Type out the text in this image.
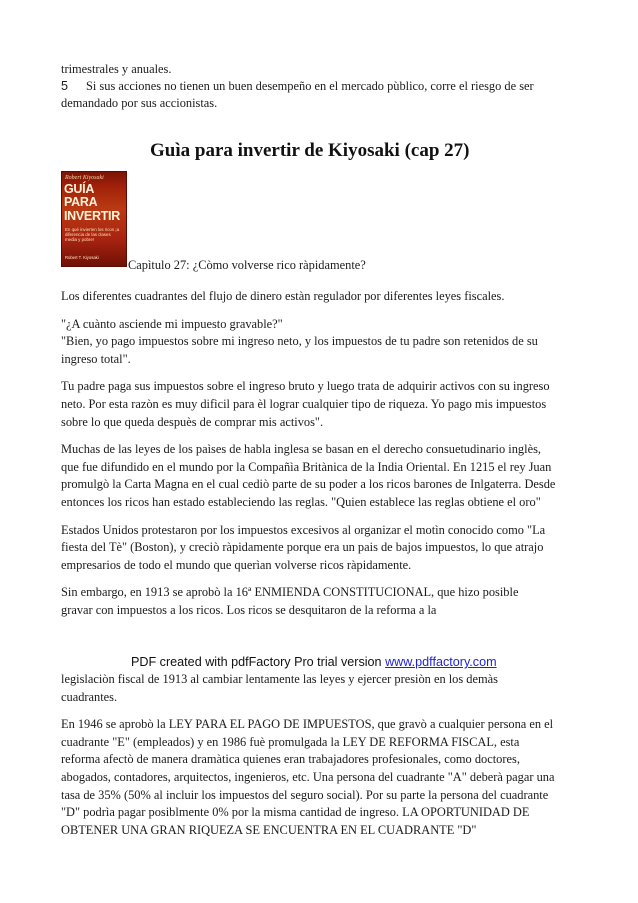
trimestrales y anuales.
5 Si sus acciones no tienen un buen desempeño en el mercado pùblico, corre el riesgo de ser
demandado por sus accionistas.
Guìa para invertir de Kiyosaki (cap 27)
Robert Kiyosaki
GUÍA PARA
INVERTIR
En qué invierten los ricos ¡a diferencia de las clases media y pobre!
Robert T. Kiyosaki
Capìtulo 27: ¿Còmo volverse rico ràpidamente?
Los diferentes cuadrantes del flujo de dinero estàn regulador por diferentes leyes fiscales.
"¿A cuànto asciende mi impuesto gravable?"
"Bien, yo pago impuestos sobre mi ingreso neto, y los impuestos de tu padre son retenidos de su
ingreso total".
Tu padre paga sus impuestos sobre el ingreso bruto y luego trata de adquirir activos con su ingreso
neto. Por esta razòn es muy difìcil para èl lograr cualquier tipo de riqueza. Yo pago mis impuestos
sobre lo que queda despuès de comprar mis activos".
Muchas de las leyes de los paìses de habla inglesa se basan en el derecho consuetudinario inglès,
que fue difundido en el mundo por la Compañìa Britànica de la India Oriental. En 1215 el rey Juan
promulgò la Carta Magna en el cual cediò parte de su poder a los ricos barones de Inlgaterra. Desde
entonces los ricos han estado estableciendo las reglas. "Quien establece las reglas obtiene el oro"
Estados Unidos protestaron por los impuestos excesivos al organizar el motìn conocido como "La
fiesta del Tè" (Boston), y creciò ràpidamente porque era un pais de bajos impuestos, lo que atrajo
empresarios de todo el mundo que querìan volverse ricos ràpidamente.
Sin embargo, en 1913 se aprobò la 16ª ENMIENDA CONSTITUCIONAL, que hizo posible
gravar con impuestos a los ricos. Los ricos se desquitaron de la reforma a la
PDF created with pdfFactory Pro trial version www.pdffactory.com
legislaciòn fiscal de 1913 al cambiar lentamente las leyes y ejercer presiòn en los demàs
cuadrantes.
En 1946 se aprobò la LEY PARA EL PAGO DE IMPUESTOS, que gravò a cualquier persona en el
cuadrante "E" (empleados) y en 1986 fuè promulgada la LEY DE REFORMA FISCAL, esta
reforma afectò de manera dramàtica quienes eran trabajadores profesionales, como doctores,
abogados, contadores, arquitectos, ingenieros, etc. Una persona del cuadrante "A" deberà pagar una
tasa de 35% (50% al incluir los impuestos del seguro social). Por su parte la persona del cuadrante
"D" podrìa pagar posiblmente 0% por la misma cantidad de ingreso. LA OPORTUNIDAD DE
OBTENER UNA GRAN RIQUEZA SE ENCUENTRA EN EL CUADRANTE "D"
